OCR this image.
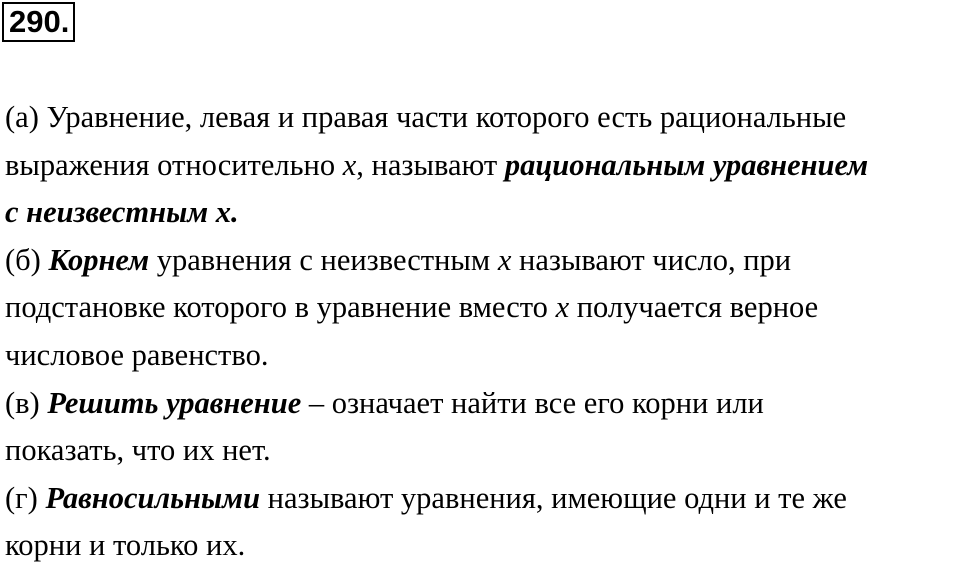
290.
(а) Уравнение, левая и правая части которого есть рациональные
выражения относительно x, называют рациональным уравнением
с неизвестным x.
(б) Корнем уравнения с неизвестным x называют число, при
подстановке которого в уравнение вместо x получается верное
числовое равенство.
(в) Решить уравнение – означает найти все его корни или
показать, что их нет.
(г) Равносильными называют уравнения, имеющие одни и те же
корни и только их.
